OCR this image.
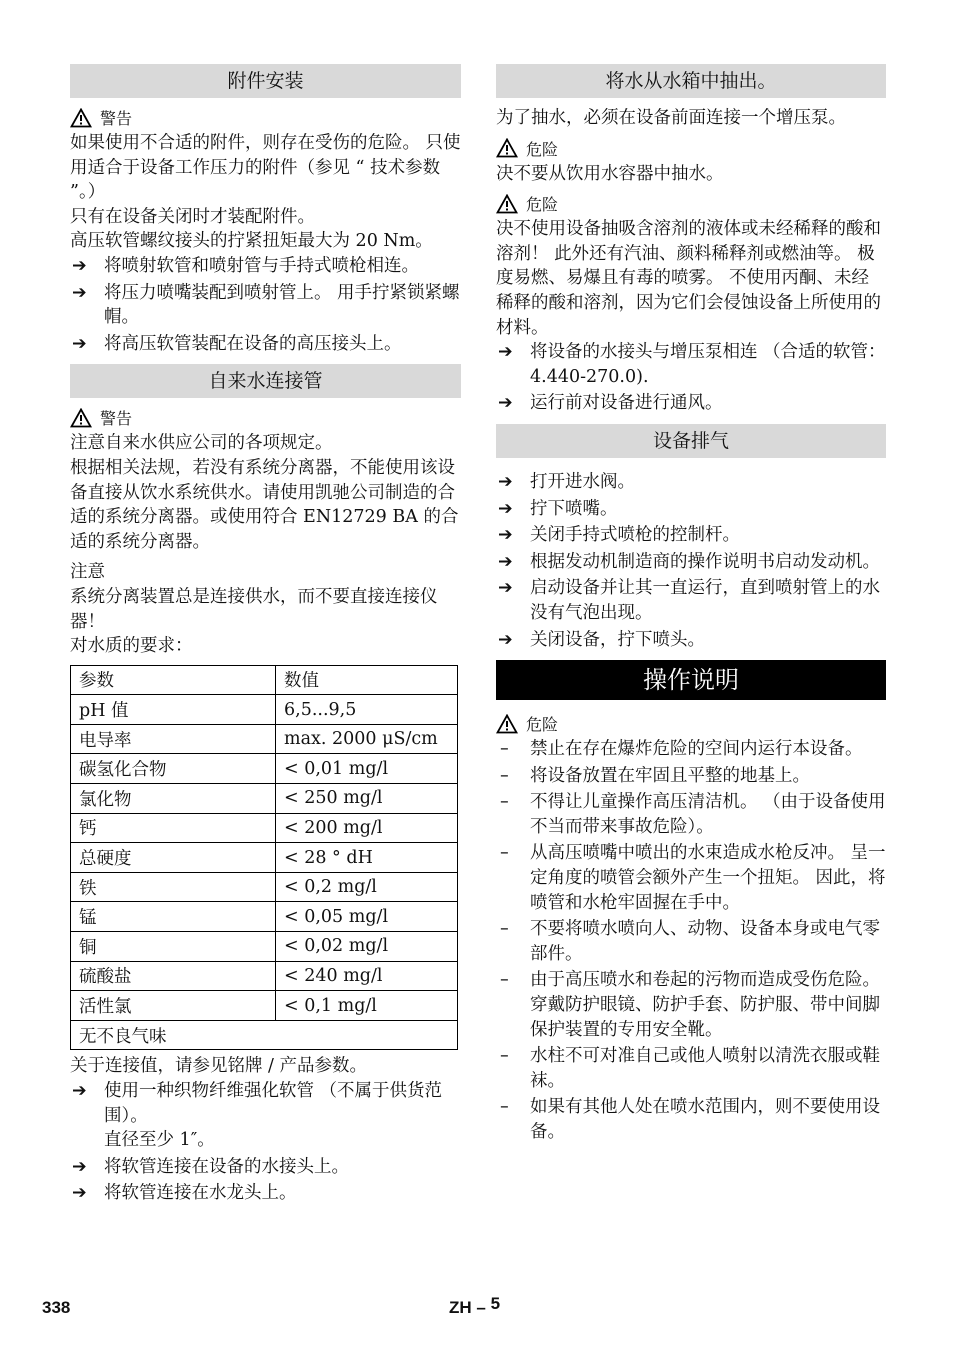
附件安装
警告

如果使用不合适的附件，则存在受伤的危险。 只使用适合于设备工作压力的附件（参见 “ 技术参数 ”。）

只有在设备关闭时才装配附件。

高压软管螺纹接头的拧紧扭矩最大为 20 Nm。

➔ 将喷射软管和喷射管与手持式喷枪相连。
➔ 将压力喷嘴装配到喷射管上。 用手拧紧锁紧螺帽。
➔ 将高压软管装配在设备的高压接头上。
自来水连接管
警告

注意自来水供应公司的各项规定。

根据相关法规，若没有系统分离器，不能使用该设备直接从饮水系统供水。请使用凯驰公司制造的合适的系统分离器。或使用符合 EN12729 BA 的合适的系统分离器。

注意

系统分离装置总是连接供水，而不要直接连接仪器！

对水质的要求：

参数	数值
pH 值	6,5...9,5
电导率	max. 2000 μS/cm
碳氢化合物	< 0,01 mg/l
氯化物	< 250 mg/l
钙	< 200 mg/l
总硬度	< 28 ° dH
铁	< 0,2 mg/l
锰	< 0,05 mg/l
铜	< 0,02 mg/l
硫酸盐	< 240 mg/l
活性氯	< 0,1 mg/l
无不良气味	

关于连接值，请参见铭牌 / 产品参数。

➔ 使用一种织物纤维强化软管 （不属于供货范围）。

直径至少 1″。

➔ 将软管连接在设备的水接头上。
➔ 将软管连接在水龙头上。
将水从水箱中抽出。

为了抽水，必须在设备前面连接一个增压泵。

危险

决不要从饮用水容器中抽水。

危险

决不使用设备抽吸含溶剂的液体或未经稀释的酸和溶剂！ 此外还有汽油、颜料稀释剂或燃油等。 极度易燃、易爆且有毒的喷雾。 不使用丙酮、未经稀释的酸和溶剂，因为它们会侵蚀设备上所使用的材料。

➔ 将设备的水接头与增压泵相连 （合适的软管： 4.440-270.0).
➔ 运行前对设备进行通风。
设备排气
➔ 打开进水阀。
➔ 拧下喷嘴。
➔ 关闭手持式喷枪的控制杆。
➔ 根据发动机制造商的操作说明书启动发动机。
➔ 启动设备并让其一直运行，直到喷射管上的水没有气泡出现。
➔ 关闭设备，拧下喷头。
操作说明
危险
–	禁止在存在爆炸危险的空间内运行本设备。
–	将设备放置在牢固且平整的地基上。
–	不得让儿童操作高压清洁机。 （由于设备使用不当而带来事故危险）。
–	从高压喷嘴中喷出的水束造成水枪反冲。 呈一定角度的喷管会额外产生一个扭矩。 因此，将喷管和水枪牢固握在手中。
–	不要将喷水喷向人、动物、设备本身或电气零部件。
–	由于高压喷水和卷起的污物而造成受伤危险。 穿戴防护眼镜、防护手套、防护服、带中间脚保护装置的专用安全靴。
–	水柱不可对准自己或他人喷射以清洗衣服或鞋袜。
–	如果有其他人处在喷水范围内，则不要使用设备。
338	ZH – 5
